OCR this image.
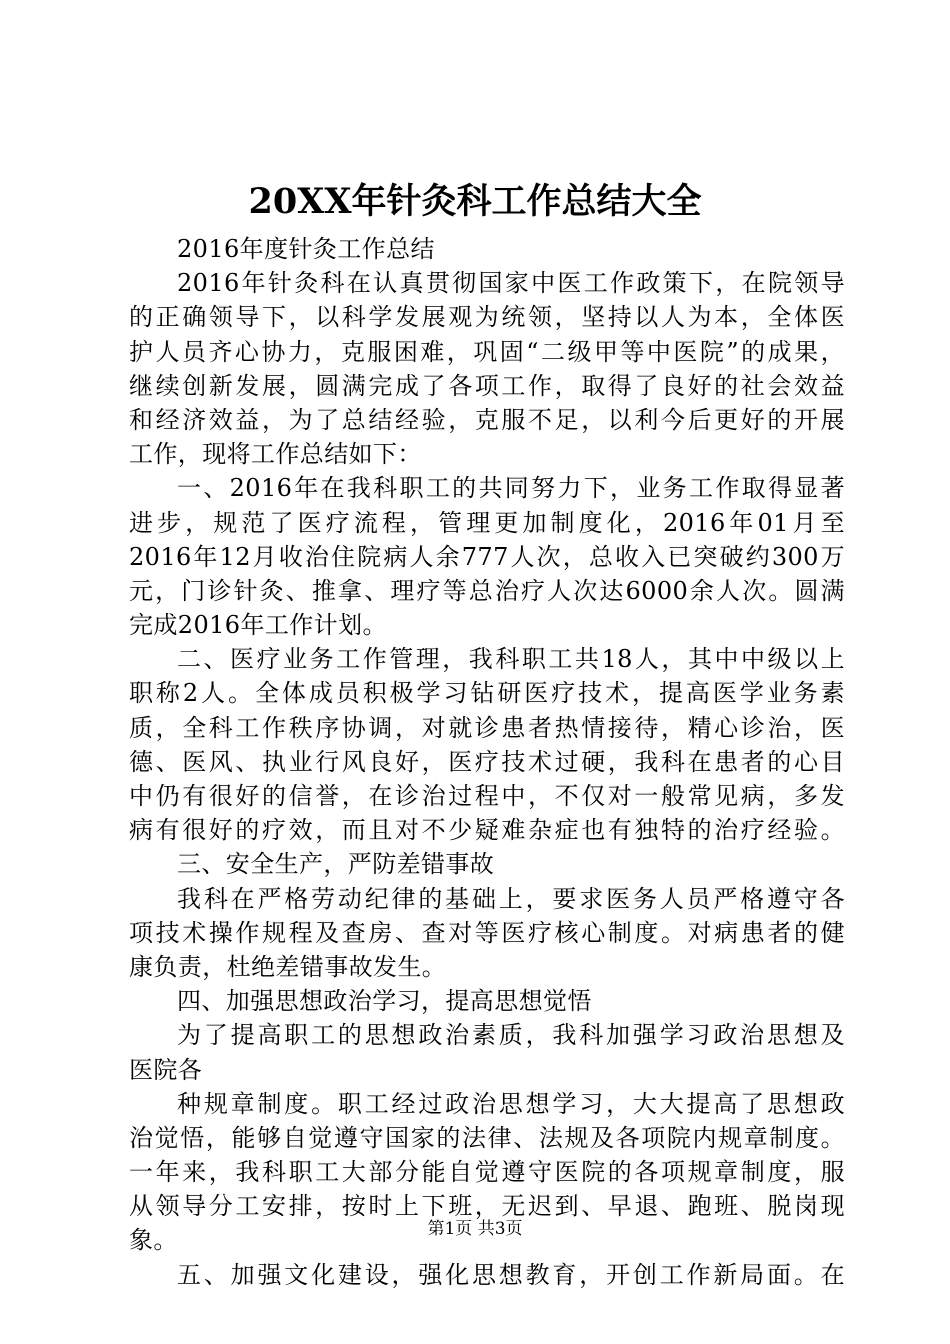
20XX年针灸科工作总结大全
2016年度针灸工作总结
2016年针灸科在认真贯彻国家中医工作政策下，在院领导
的正确领导下，以科学发展观为统领，坚持以人为本，全体医
护人员齐心协力，克服困难，巩固“二级甲等中医院”的成果，
继续创新发展，圆满完成了各项工作，取得了良好的社会效益
和经济效益，为了总结经验，克服不足，以利今后更好的开展
工作，现将工作总结如下：
一、2016年在我科职工的共同努力下，业务工作取得显著
进步，规范了医疗流程，管理更加制度化，2016年01月至
2016年12月收治住院病人余777人次，总收入已突破约300万
元，门诊针灸、推拿、理疗等总治疗人次达6000余人次。圆满
完成2016年工作计划。
二、医疗业务工作管理，我科职工共18人，其中中级以上
职称2人。全体成员积极学习钻研医疗技术，提高医学业务素
质，全科工作秩序协调，对就诊患者热情接待，精心诊治，医
德、医风、执业行风良好，医疗技术过硬，我科在患者的心目
中仍有很好的信誉，在诊治过程中，不仅对一般常见病，多发
病有很好的疗效，而且对不少疑难杂症也有独特的治疗经验。
三、安全生产，严防差错事故
我科在严格劳动纪律的基础上，要求医务人员严格遵守各
项技术操作规程及查房、查对等医疗核心制度。对病患者的健
康负责，杜绝差错事故发生。
四、加强思想政治学习，提高思想觉悟
为了提高职工的思想政治素质，我科加强学习政治思想及
医院各
种规章制度。职工经过政治思想学习，大大提高了思想政
治觉悟，能够自觉遵守国家的法律、法规及各项院内规章制度。
一年来，我科职工大部分能自觉遵守医院的各项规章制度，服
从领导分工安排，按时上下班，无迟到、早退、跑班、脱岗现
象。
五、加强文化建设，强化思想教育，开创工作新局面。在
第1页 共3页
